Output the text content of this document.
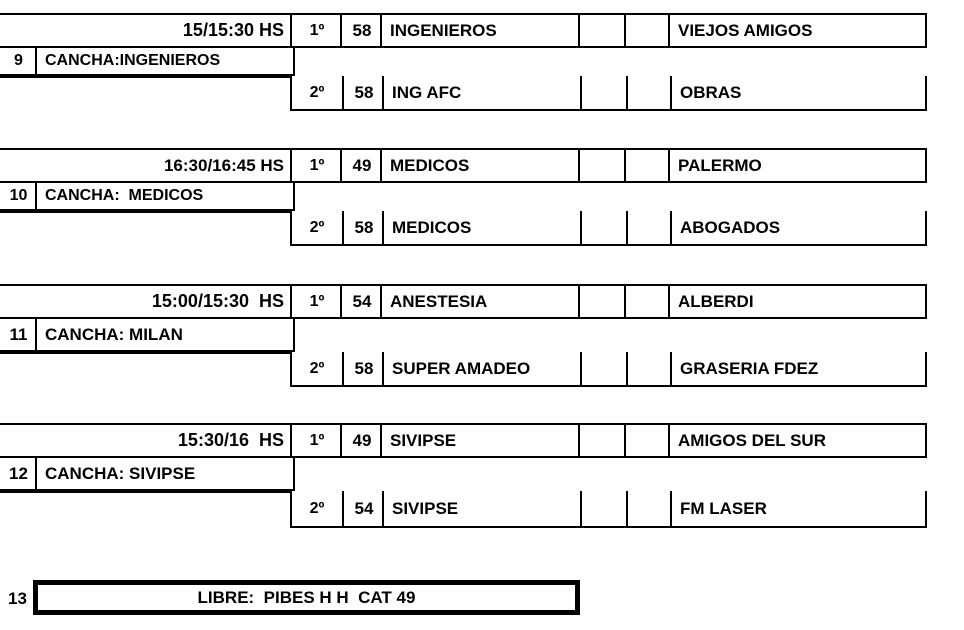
15/15:30 HS	1º	58	INGENIEROS	VIEJOS AMIGOS
9	CANCHA:INGENIEROS
2º	58	ING AFC	OBRAS
16:30/16:45 HS	1º	49	MEDICOS	PALERMO
10	CANCHA:  MEDICOS
2º	58	MEDICOS	ABOGADOS
15:00/15:30  HS	1º	54	ANESTESIA	ALBERDI
11	CANCHA: MILAN
2º	58	SUPER AMADEO	GRASERIA FDEZ
15:30/16  HS	1º	49	SIVIPSE	AMIGOS DEL SUR
12	CANCHA: SIVIPSE
2º	54	SIVIPSE	FM LASER
13	LIBRE:  PIBES H H  CAT 49
